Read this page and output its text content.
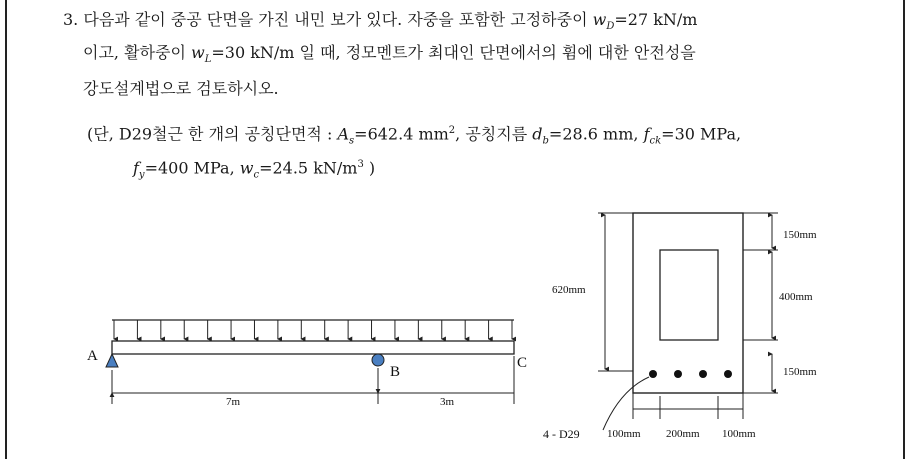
3. 다음과 같이 중공 단면을 가진 내민 보가 있다. 자중을 포함한 고정하중이 $w_D=27$ kN/m
이고, 활하중이 $w_L=30$ kN/m 일 때, 정모멘트가 최대인 단면에서의 휨에 대한 안전성을
강도설계법으로 검토하시오.
(단, D29철근 한 개의 공칭단면적 : $A_s=642.4$ $mm^2$, 공칭지름 $d_b=28.6$ mm, $f_{ck}=30$ MPa,
$f_y=400$ MPa, $w_c=24.5$ $kN/m^3$ )
A
B
C
7m	3m
4 - D29
620mm
150mm
400mm
150mm
100mm 200mm 100mm
